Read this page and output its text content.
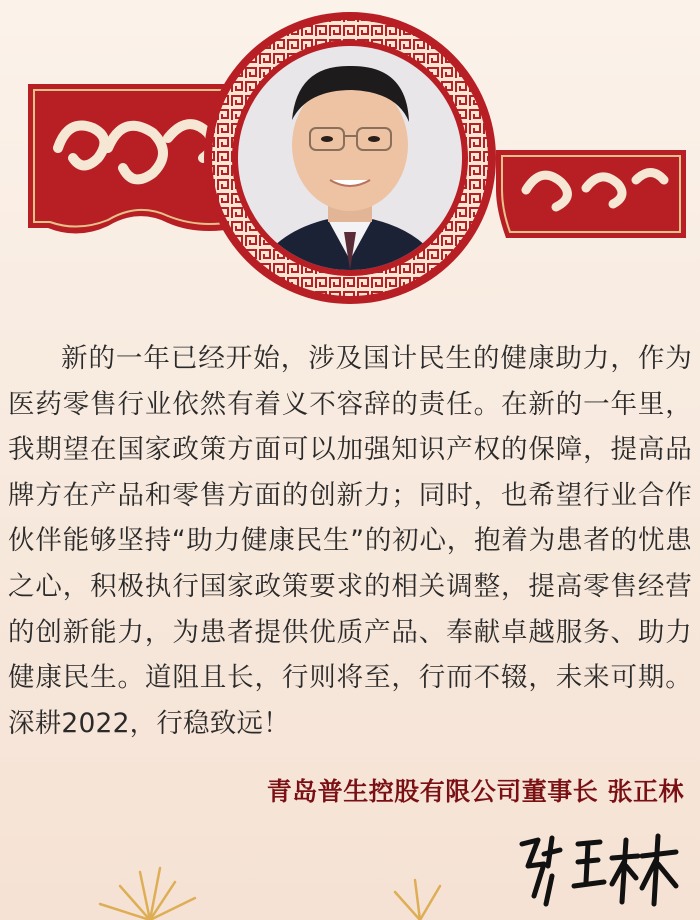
新的一年已经开始，涉及国计民生的健康助力，作为医药零售行业依然有着义不容辞的责任。在新的一年里，我期望在国家政策方面可以加强知识产权的保障，提高品牌方在产品和零售方面的创新力；同时，也希望行业合作伙伴能够坚持“助力健康民生”的初心，抱着为患者的忧患之心，积极执行国家政策要求的相关调整，提高零售经营的创新能力，为患者提供优质产品、奉献卓越服务、助力健康民生。道阻且长，行则将至，行而不辍，未来可期。深耕2022，行稳致远！

青岛普生控股有限公司董事长 张正林
